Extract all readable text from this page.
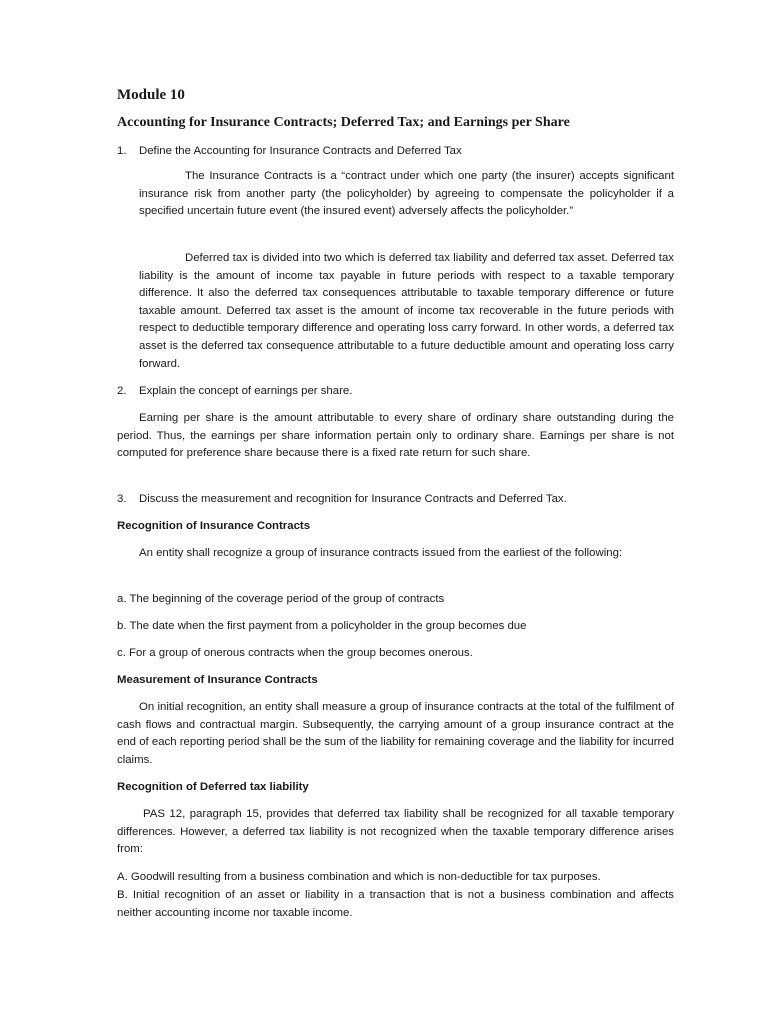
Module 10
Accounting for Insurance Contracts; Deferred Tax; and Earnings per Share
1. Define the Accounting for Insurance Contracts and Deferred Tax

The Insurance Contracts is a “contract under which one party (the insurer) accepts significant insurance risk from another party (the policyholder) by agreeing to compensate the policyholder if a specified uncertain future event (the insured event) adversely affects the policyholder.”

Deferred tax is divided into two which is deferred tax liability and deferred tax asset. Deferred tax liability is the amount of income tax payable in future periods with respect to a taxable temporary difference. It also the deferred tax consequences attributable to taxable temporary difference or future taxable amount. Deferred tax asset is the amount of income tax recoverable in the future periods with respect to deductible temporary difference and operating loss carry forward. In other words, a deferred tax asset is the deferred tax consequence attributable to a future deductible amount and operating loss carry forward.

2. Explain the concept of earnings per share.

Earning per share is the amount attributable to every share of ordinary share outstanding during the period. Thus, the earnings per share information pertain only to ordinary share. Earnings per share is not computed for preference share because there is a fixed rate return for such share.

3. Discuss the measurement and recognition for Insurance Contracts and Deferred Tax.
Recognition of Insurance Contracts

An entity shall recognize a group of insurance contracts issued from the earliest of the following:

a. The beginning of the coverage period of the group of contracts

b. The date when the first payment from a policyholder in the group becomes due

c. For a group of onerous contracts when the group becomes onerous.

Measurement of Insurance Contracts

On initial recognition, an entity shall measure a group of insurance contracts at the total of the fulfilment of cash flows and contractual margin. Subsequently, the carrying amount of a group insurance contract at the end of each reporting period shall be the sum of the liability for remaining coverage and the liability for incurred claims.

Recognition of Deferred tax liability

PAS 12, paragraph 15, provides that deferred tax liability shall be recognized for all taxable temporary differences. However, a deferred tax liability is not recognized when the taxable temporary difference arises from:

A. Goodwill resulting from a business combination and which is non-deductible for tax purposes.

B. Initial recognition of an asset or liability in a transaction that is not a business combination and affects neither accounting income nor taxable income.
